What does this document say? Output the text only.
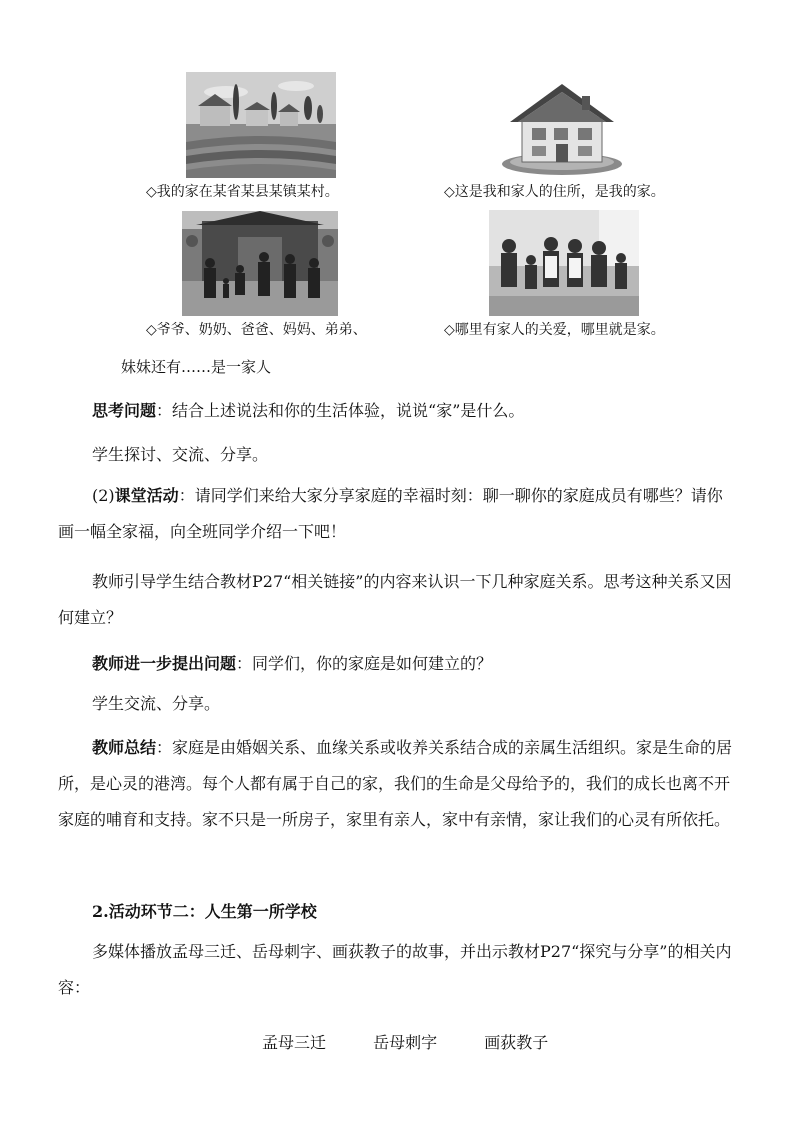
◇我的家在某省某县某镇某村。	◇这是我和家人的住所，是我的家。
◇爷爷、奶奶、爸爸、妈妈、弟弟、
妹妹还有……是一家人
◇哪里有家人的关爱，哪里就是家。
思考问题：结合上述说法和你的生活体验，说说“家”是什么。
学生探讨、交流、分享。
(2)课堂活动：请同学们来给大家分享家庭的幸福时刻：聊一聊你的家庭成员有哪些？请你画一幅全家福，向全班同学介绍一下吧！
教师引导学生结合教材P27“相关链接”的内容来认识一下几种家庭关系。思考这种关系又因何建立？
教师进一步提出问题：同学们，你的家庭是如何建立的？
学生交流、分享。
教师总结：家庭是由婚姻关系、血缘关系或收养关系结合成的亲属生活组织。家是生命的居所，是心灵的港湾。每个人都有属于自己的家，我们的生命是父母给予的，我们的成长也离不开家庭的哺育和支持。家不只是一所房子，家里有亲人，家中有亲情，家让我们的心灵有所依托。
2.活动环节二：人生第一所学校
多媒体播放孟母三迁、岳母刺字、画荻教子的故事，并出示教材P27“探究与分享”的相关内容：
孟母三迁	岳母刺字	画荻教子
